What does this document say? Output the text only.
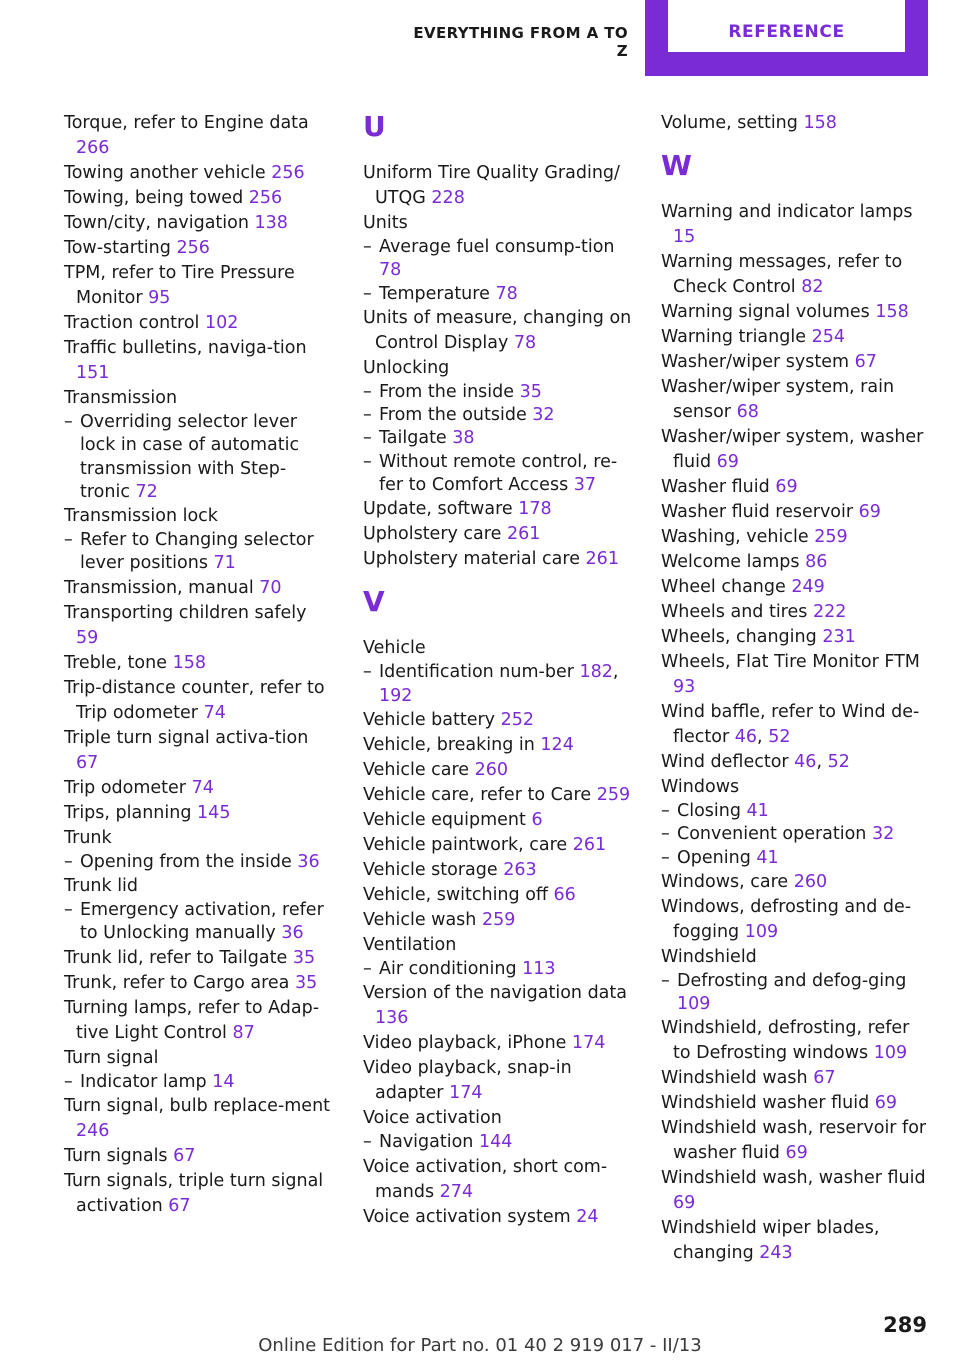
EVERYTHING FROM A TO Z
REFERENCE
Torque, refer to Engine data 266
Towing another vehicle 256
Towing, being towed 256
Town/city, navigation 138
Tow-starting 256
TPM, refer to Tire Pressure Monitor 95
Traction control 102
Traffic bulletins, naviga-tion 151
Transmission
– Overriding selector lever lock in case of automatic transmission with Step-tronic 72
Transmission lock
– Refer to Changing selector lever positions 71
Transmission, manual 70
Transporting children safely 59
Treble, tone 158
Trip-distance counter, refer to Trip odometer 74
Triple turn signal activa-tion 67
Trip odometer 74
Trips, planning 145
Trunk
– Opening from the inside 36
Trunk lid
– Emergency activation, refer to Unlocking manually 36
Trunk lid, refer to Tailgate 35
Trunk, refer to Cargo area 35
Turning lamps, refer to Adap-tive Light Control 87
Turn signal
– Indicator lamp 14
Turn signal, bulb replace-ment 246
Turn signals 67
Turn signals, triple turn signal activation 67
U
Uniform Tire Quality Grading/ UTQG 228
Units
– Average fuel consump-tion 78
– Temperature 78
Units of measure, changing on Control Display 78
Unlocking
– From the inside 35
– From the outside 32
– Tailgate 38
– Without remote control, re-fer to Comfort Access 37
Update, software 178
Upholstery care 261
Upholstery material care 261
V
Vehicle
– Identification num-ber 182, 192
Vehicle battery 252
Vehicle, breaking in 124
Vehicle care 260
Vehicle care, refer to Care 259
Vehicle equipment 6
Vehicle paintwork, care 261
Vehicle storage 263
Vehicle, switching off 66
Vehicle wash 259
Ventilation
– Air conditioning 113
Version of the navigation data 136
Video playback, iPhone 174
Video playback, snap-in adapter 174
Voice activation
– Navigation 144
Voice activation, short com-mands 274
Voice activation system 24
Volume, setting 158
W
Warning and indicator lamps 15
Warning messages, refer to Check Control 82
Warning signal volumes 158
Warning triangle 254
Washer/wiper system 67
Washer/wiper system, rain sensor 68
Washer/wiper system, washer fluid 69
Washer fluid 69
Washer fluid reservoir 69
Washing, vehicle 259
Welcome lamps 86
Wheel change 249
Wheels and tires 222
Wheels, changing 231
Wheels, Flat Tire Monitor FTM 93
Wind baffle, refer to Wind de-flector 46, 52
Wind deflector 46, 52
Windows
– Closing 41
– Convenient operation 32
– Opening 41
Windows, care 260
Windows, defrosting and de-fogging 109
Windshield
– Defrosting and defog-ging 109
Windshield, defrosting, refer to Defrosting windows 109
Windshield wash 67
Windshield washer fluid 69
Windshield wash, reservoir for washer fluid 69
Windshield wash, washer fluid 69
Windshield wiper blades, changing 243
289
Online Edition for Part no. 01 40 2 919 017 - II/13
